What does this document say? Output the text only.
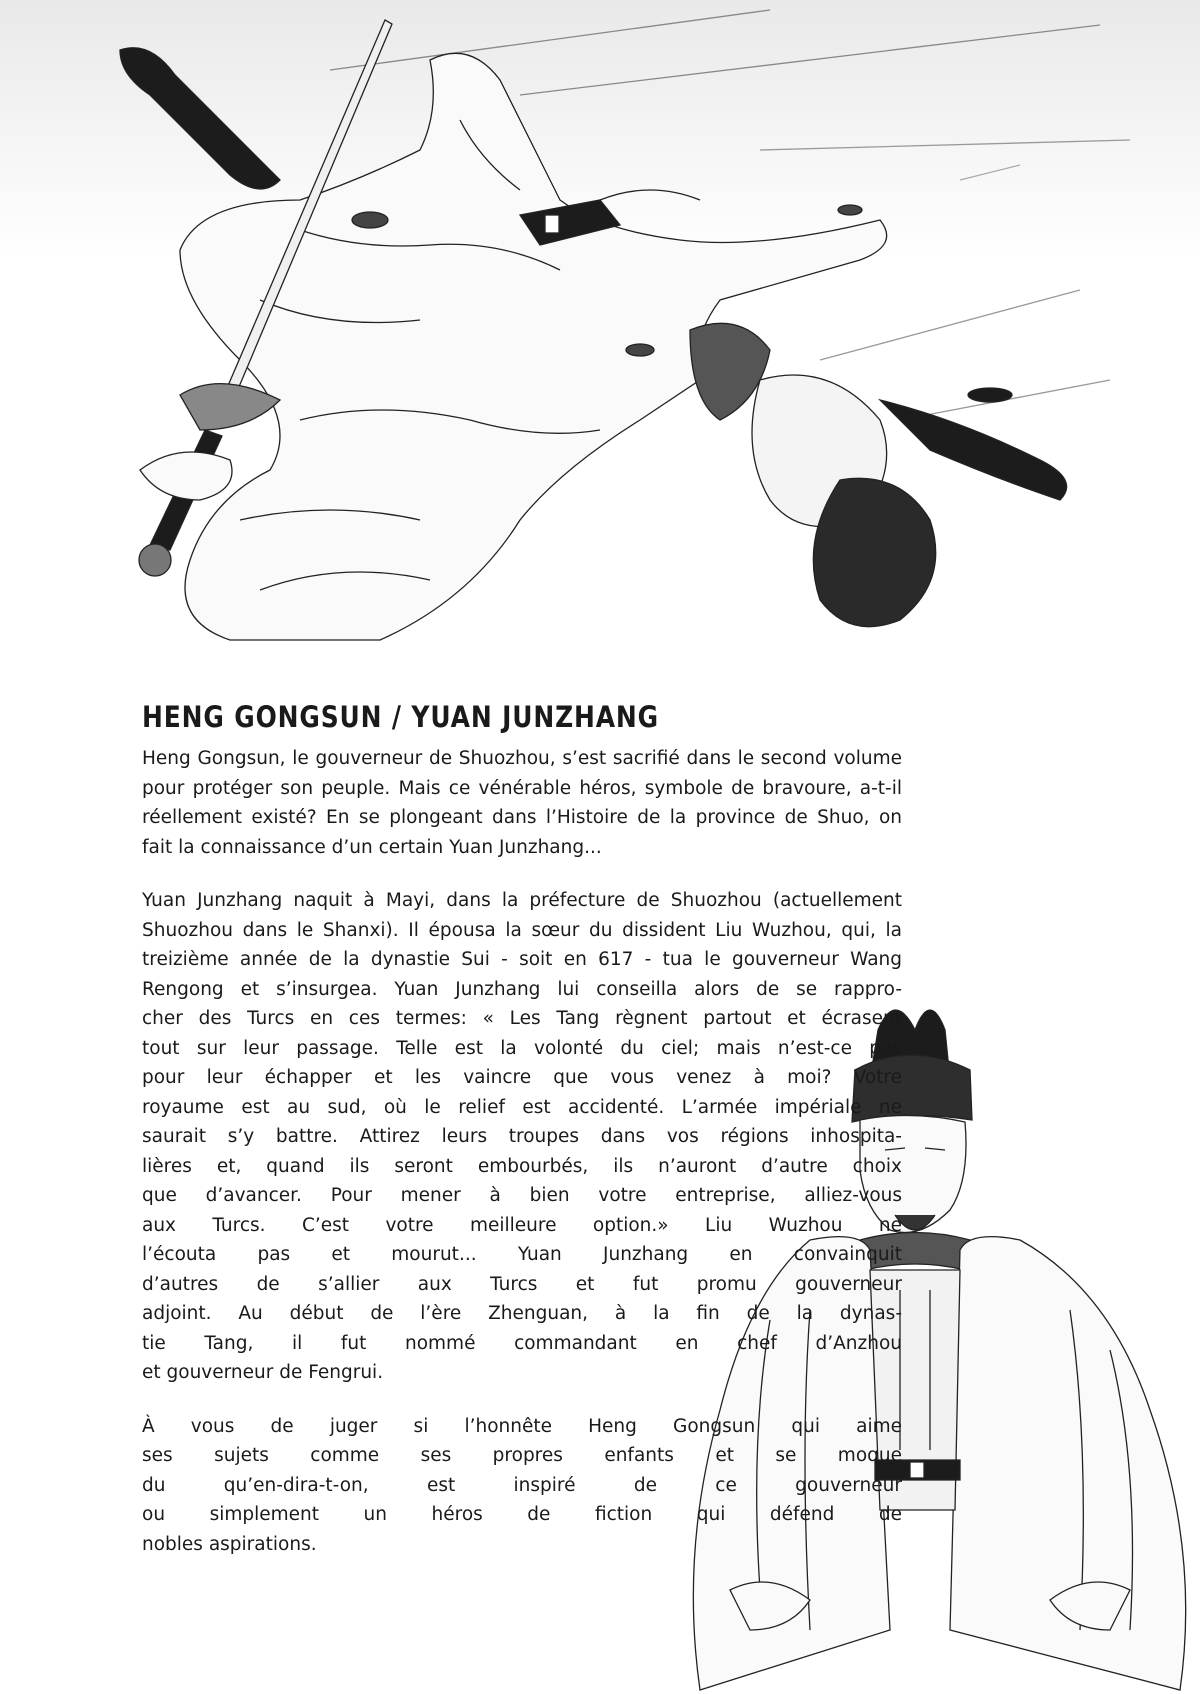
HENG GONGSUN / YUAN JUNZHANG

Heng Gongsun, le gouverneur de Shuozhou, s’est sacrifié dans le second volume
pour protéger son peuple. Mais ce vénérable héros, symbole de bravoure, a-t-il
réellement existé? En se plongeant dans l’Histoire de la province de Shuo, on
fait la connaissance d’un certain Yuan Junzhang...

Yuan Junzhang naquit à Mayi, dans la préfecture de Shuozhou (actuellement
Shuozhou dans le Shanxi). Il épousa la sœur du dissident Liu Wuzhou, qui, la
treizième année de la dynastie Sui - soit en 617 - tua le gouverneur Wang
Rengong et s’insurgea. Yuan Junzhang lui conseilla alors de se rappro-
cher des Turcs en ces termes: « Les Tang règnent partout et écrasent
tout sur leur passage. Telle est la volonté du ciel; mais n’est-ce pas
pour leur échapper et les vaincre que vous venez à moi? Votre
royaume est au sud, où le relief est accidenté. L’armée impériale ne
saurait s’y battre. Attirez leurs troupes dans vos régions inhospita-
lières et, quand ils seront embourbés, ils n’auront d’autre choix
que d’avancer. Pour mener à bien votre entreprise, alliez-vous
aux Turcs. C’est votre meilleure option.» Liu Wuzhou ne
l’écouta pas et mourut... Yuan Junzhang en convainquit
d’autres de s’allier aux Turcs et fut promu gouverneur
adjoint. Au début de l’ère Zhenguan, à la fin de la dynas-
tie Tang, il fut nommé commandant en chef d’Anzhou
et gouverneur de Fengrui.

À vous de juger si l’honnête Heng Gongsun qui aime
ses sujets comme ses propres enfants et se moque
du qu’en-dira-t-on, est inspiré de ce gouverneur
ou simplement un héros de fiction qui défend de
nobles aspirations.
